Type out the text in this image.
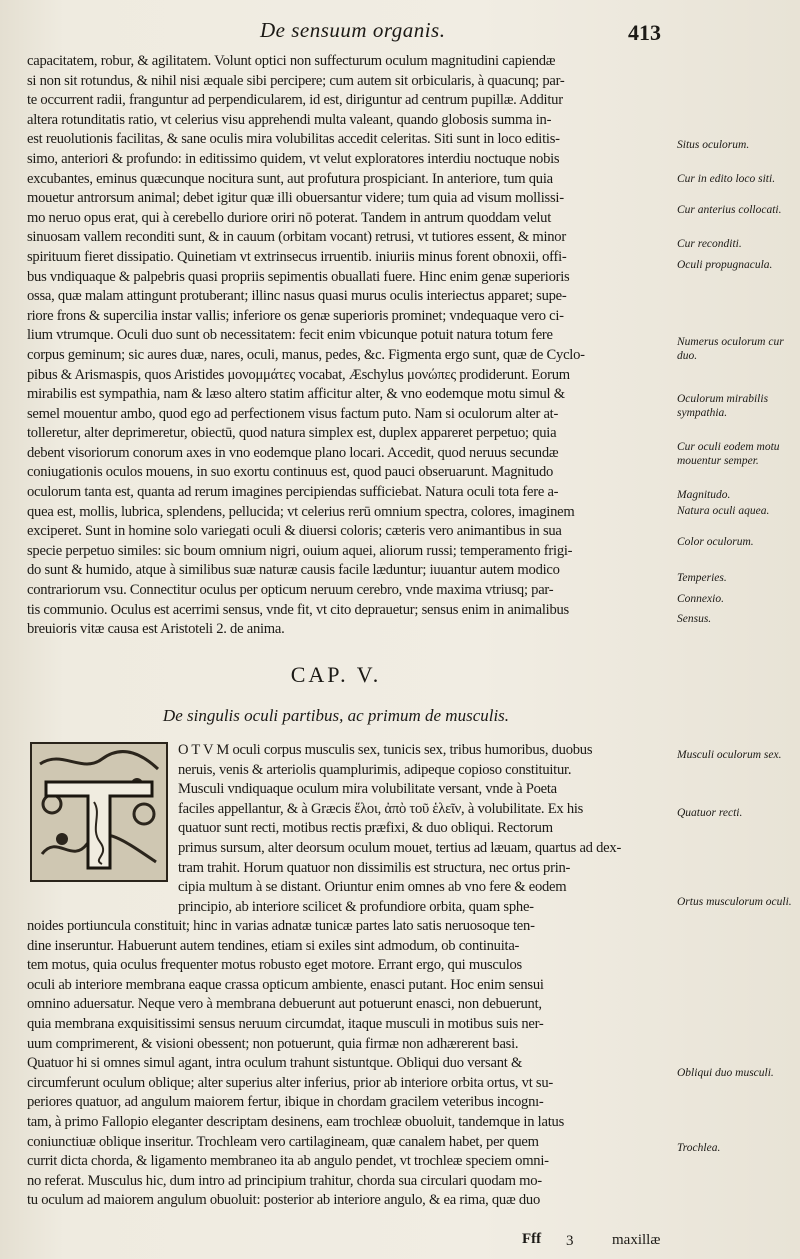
De sensuum organis.	413
capacitatem, robur, & agilitatem. Volunt optici non suffecturum oculum magnitudini capiendæ
si non sit rotundus, & nihil nisi æquale sibi percipere; cum autem sit orbicularis, à quacunq; par-
te occurrent radii, franguntur ad perpendicularem, id est, diriguntur ad centrum pupillæ. Additur
altera rotunditatis ratio, vt celerius visu apprehendi multa valeant, quando globosis summa in-
est reuolutionis facilitas, & sane oculis mira volubilitas accedit celeritas. Siti sunt in loco editis-
simo, anteriori & profundo: in editissimo quidem, vt velut exploratores interdiu noctuque nobis
excubantes, eminus quæcunque nocitura sunt, aut profutura prospiciant. In anteriore, tum quia
mouetur antrorsum animal; debet igitur quæ illi obuersantur videre; tum quia ad visum mollissi-
mo neruo opus erat, qui à cerebello duriore oriri nō poterat. Tandem in antrum quoddam velut
sinuosam vallem reconditi sunt, & in cauum (orbitam vocant) retrusi, vt tutiores essent, & minor
spirituum fieret dissipatio. Quinetiam vt extrinsecus irruentib. iniuriis minus forent obnoxii, offi-
bus vndiquaque & palpebris quasi propriis sepimentis obuallati fuere. Hinc enim genæ superioris
ossa, quæ malam attingunt protuberant; illinc nasus quasi murus oculis interiectus apparet; supe-
riore frons & supercilia instar vallis; inferiore os genæ superioris prominet; vndequaque vero ci-
lium vtrumque. Oculi duo sunt ob necessitatem: fecit enim vbicunque potuit natura totum fere
corpus geminum; sic aures duæ, nares, oculi, manus, pedes, &c. Figmenta ergo sunt, quæ de Cyclo-
pibus & Arismaspis, quos Aristides μονομμάτες vocabat, Æschylus μονώπες prodiderunt. Eorum
mirabilis est sympathia, nam & læso altero statim afficitur alter, & vno eodemque motu simul &
semel mouentur ambo, quod ego ad perfectionem visus factum puto. Nam si oculorum alter at-
tolleretur, alter deprimeretur, obiectū, quod natura simplex est, duplex appareret perpetuo; quia
debent visoriorum conorum axes in vno eodemque plano locari. Accedit, quod neruus secundæ
coniugationis oculos mouens, in suo exortu continuus est, quod pauci obseruarunt. Magnitudo
oculorum tanta est, quanta ad rerum imagines percipiendas sufficiebat. Natura oculi tota fere a-
quea est, mollis, lubrica, splendens, pellucida; vt celerius rerū omnium spectra, colores, imaginem
exciperet. Sunt in homine solo variegati oculi & diuersi coloris; cæteris vero animantibus in sua
specie perpetuo similes: sic boum omnium nigri, ouium aquei, aliorum russi; temperamento frigi-
do sunt & humido, atque à similibus suæ naturæ causis facile læduntur; iuuantur autem modico
contrariorum vsu. Connectitur oculus per opticum neruum cerebro, vnde maxima vtriusq; par-
tis communio. Oculus est acerrimi sensus, vnde fit, vt cito deprauetur; sensus enim in animalibus
breuioris vitæ causa est Aristoteli 2. de anima.
CAP. V.
De singulis oculi partibus, ac primum de musculis.
O T V M oculi corpus musculis sex, tunicis sex, tribus humoribus, duobus
neruis, venis & arteriolis quamplurimis, adipeque copioso constituitur.
Musculi vndiquaque oculum mira volubilitate versant, vnde à Poeta
faciles appellantur, & à Græcis ἕλοι, ἀπὸ τοῦ ἑλεῖν, à volubilitate. Ex his
quatuor sunt recti, motibus rectis præfixi, & duo obliqui. Rectorum
primus sursum, alter deorsum oculum mouet, tertius ad læuam, quartus ad dex-
tram trahit. Horum quatuor non dissimilis est structura, nec ortus prin-
cipia multum à se distant. Oriuntur enim omnes ab vno fere & eodem
principio, ab interiore scilicet & profundiore orbita, quam sphe-
noides portiuncula constituit; hinc in varias adnatæ tunicæ partes lato satis neruosoque ten-
dine inseruntur. Habuerunt autem tendines, etiam si exiles sint admodum, ob continuita-
tem motus, quia oculus frequenter motus robusto eget motore. Errant ergo, qui musculos
oculi ab interiore membrana eaque crassa opticum ambiente, enasci putant. Hoc enim sensui
omnino aduersatur. Neque vero à membrana debuerunt aut potuerunt enasci, non debuerunt,
quia membrana exquisitissimi sensus neruum circumdat, itaque musculi in motibus suis ner-
uum comprimerent, & visioni obessent; non potuerunt, quia firmæ non adhærerent basi.
Quatuor hi si omnes simul agant, intra oculum trahunt sistuntque. Obliqui duo versant &
circumferunt oculum oblique; alter superius alter inferius, prior ab interiore orbita ortus, vt su-
periores quatuor, ad angulum maiorem fertur, ibique in chordam gracilem veteribus incognı-
tam, à primo Fallopio eleganter descriptam desinens, eam trochleæ obuoluit, tandemque in latus
coniunctiuæ oblique inseritur. Trochleam vero cartilagineam, quæ canalem habet, per quem
currit dicta chorda, & ligamento membraneo ita ab angulo pendet, vt trochleæ speciem omni-
no referat. Musculus hic, dum intro ad principium trahitur, chorda sua circulari quodam mo-
tu oculum ad maiorem angulum obuoluit: posterior ab interiore angulo, & ea rima, quæ duo
Situs oculorum.
Cur in edito loco siti.
Cur anterius collocati.
Cur reconditi.
Oculi propugnacula.
Numerus oculorum cur duo.
Oculorum mirabilis sympathia.
Cur oculi eodem motu mouentur semper.
Magnitudo.
Natura oculi aquea.
Color oculorum.
Temperies.
Connexio.
Sensus.
Musculi oculorum sex.
Quatuor recti.
Ortus musculorum oculi.
Obliqui duo musculi.
Trochlea.
Fff 3	maxillæ
